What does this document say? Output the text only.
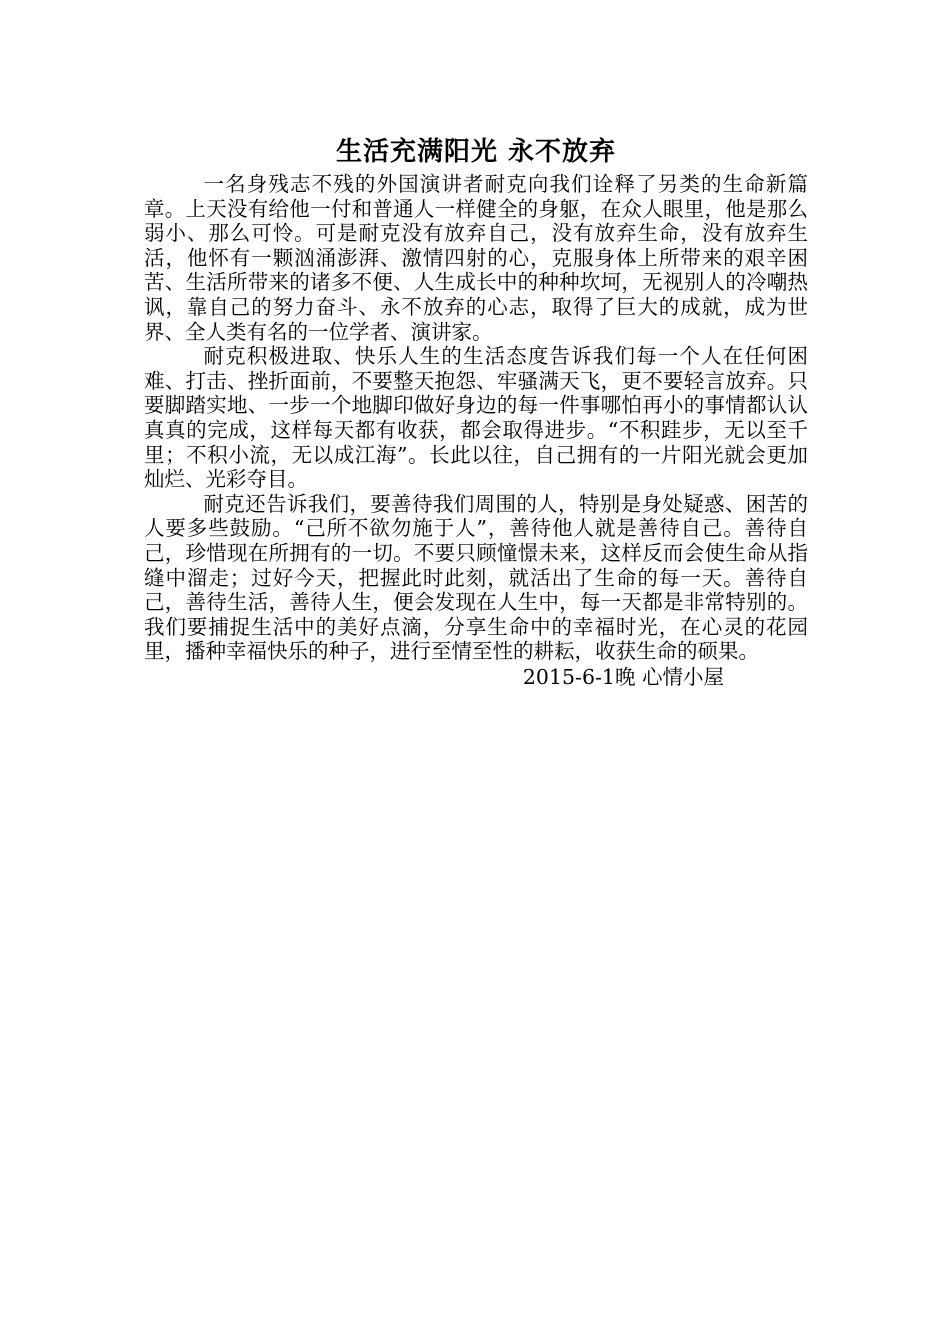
生活充满阳光 永不放弃

一名身残志不残的外国演讲者耐克向我们诠释了另类的生命新篇章。上天没有给他一付和普通人一样健全的身躯，在众人眼里，他是那么弱小、那么可怜。可是耐克没有放弃自己，没有放弃生命，没有放弃生活，他怀有一颗汹涌澎湃、激情四射的心，克服身体上所带来的艰辛困苦、生活所带来的诸多不便、人生成长中的种种坎坷，无视别人的冷嘲热讽，靠自己的努力奋斗、永不放弃的心志，取得了巨大的成就，成为世界、全人类有名的一位学者、演讲家。

耐克积极进取、快乐人生的生活态度告诉我们每一个人在任何困难、打击、挫折面前，不要整天抱怨、牢骚满天飞，更不要轻言放弃。只要脚踏实地、一步一个地脚印做好身边的每一件事哪怕再小的事情都认认真真的完成，这样每天都有收获，都会取得进步。“不积跬步，无以至千里；不积小流，无以成江海”。长此以往，自己拥有的一片阳光就会更加灿烂、光彩夺目。

耐克还告诉我们，要善待我们周围的人，特别是身处疑惑、困苦的人要多些鼓励。“己所不欲勿施于人”，善待他人就是善待自己。善待自己，珍惜现在所拥有的一切。不要只顾憧憬未来，这样反而会使生命从指缝中溜走；过好今天，把握此时此刻，就活出了生命的每一天。善待自己，善待生活，善待人生，便会发现在人生中，每一天都是非常特别的。我们要捕捉生活中的美好点滴，分享生命中的幸福时光，在心灵的花园里，播种幸福快乐的种子，进行至情至性的耕耘，收获生命的硕果。

2015-6-1晚 心情小屋
